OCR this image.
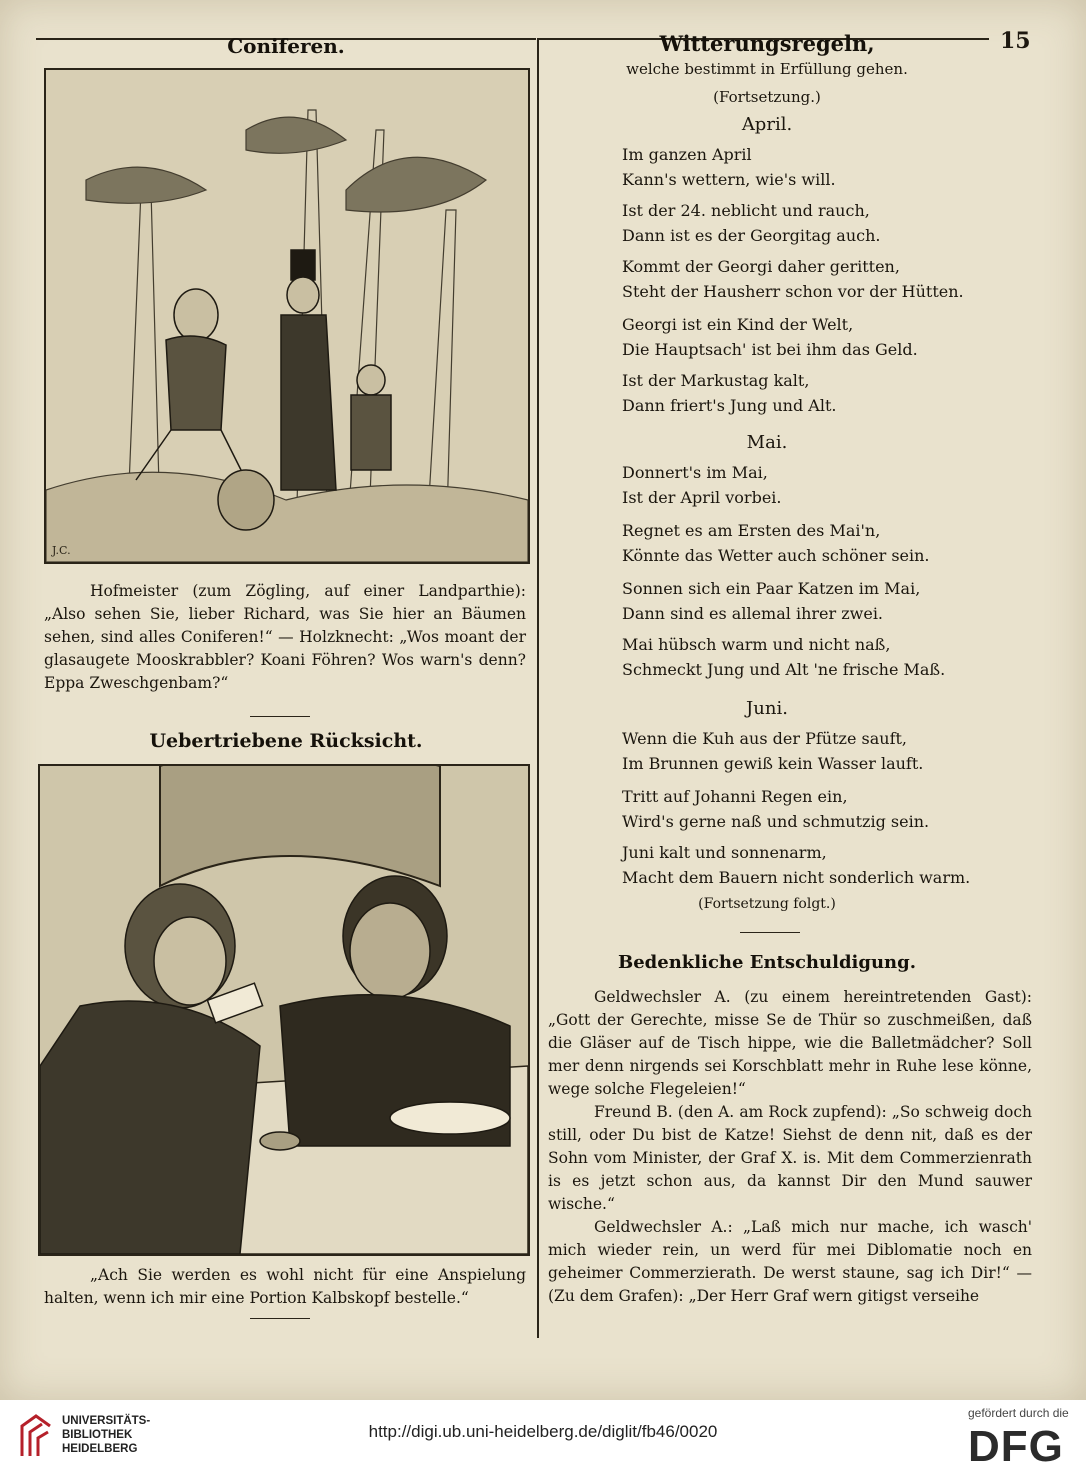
15
Coniferen.
J.C.

Hofmeister (zum Zögling, auf einer Landparthie): „Also sehen Sie, lieber Richard, was Sie hier an Bäumen sehen, sind alles Coniferen!“ — Holzknecht: „Wos moant der glasaugete Mooskrabbler? Koani Föhren? Wos warn's denn? Eppa Zweschgenbam?“

Uebertriebene Rücksicht.

„Ach Sie werden es wohl nicht für eine Anspielung halten, wenn ich mir eine Portion Kalbskopf bestelle.“

Witterungsregeln,
welche bestimmt in Erfüllung gehen.
(Fortsetzung.)
April.
Im ganzen April
Kann's wettern, wie's will.
Ist der 24. neblicht und rauch,
Dann ist es der Georgitag auch.
Kommt der Georgi daher geritten,
Steht der Hausherr schon vor der Hütten.
Georgi ist ein Kind der Welt,
Die Hauptsach' ist bei ihm das Geld.
Ist der Markustag kalt,
Dann friert's Jung und Alt.
Mai.
Donnert's im Mai,
Ist der April vorbei.
Regnet es am Ersten des Mai'n,
Könnte das Wetter auch schöner sein.
Sonnen sich ein Paar Katzen im Mai,
Dann sind es allemal ihrer zwei.
Mai hübsch warm und nicht naß,
Schmeckt Jung und Alt 'ne frische Maß.
Juni.
Wenn die Kuh aus der Pfütze sauft,
Im Brunnen gewiß kein Wasser lauft.
Tritt auf Johanni Regen ein,
Wird's gerne naß und schmutzig sein.
Juni kalt und sonnenarm,
Macht dem Bauern nicht sonderlich warm.
(Fortsetzung folgt.)
Bedenkliche Entschuldigung.

Geldwechsler A. (zu einem hereintretenden Gast): „Gott der Gerechte, misse Se de Thür so zuschmeißen, daß die Gläser auf de Tisch hippe, wie die Balletmädcher? Soll mer denn nirgends sei Korschblatt mehr in Ruhe lese könne, wege solche Flegeleien!“

Freund B. (den A. am Rock zupfend): „So schweig doch still, oder Du bist de Katze! Siehst de denn nit, daß es der Sohn vom Minister, der Graf X. is. Mit dem Commerzienrath is es jetzt schon aus, da kannst Dir den Mund sauwer wische.“

Geldwechsler A.: „Laß mich nur mache, ich wasch' mich wieder rein, un werd für mei Diblomatie noch en geheimer Commerzierath. De werst staune, sag ich Dir!“ — (Zu dem Grafen): „Der Herr Graf wern gitigst verseihe

UNIVERSITÄTS-
BIBLIOTHEK
HEIDELBERG
http://digi.ub.uni-heidelberg.de/diglit/fb46/0020
gefördert durch die
DFG
